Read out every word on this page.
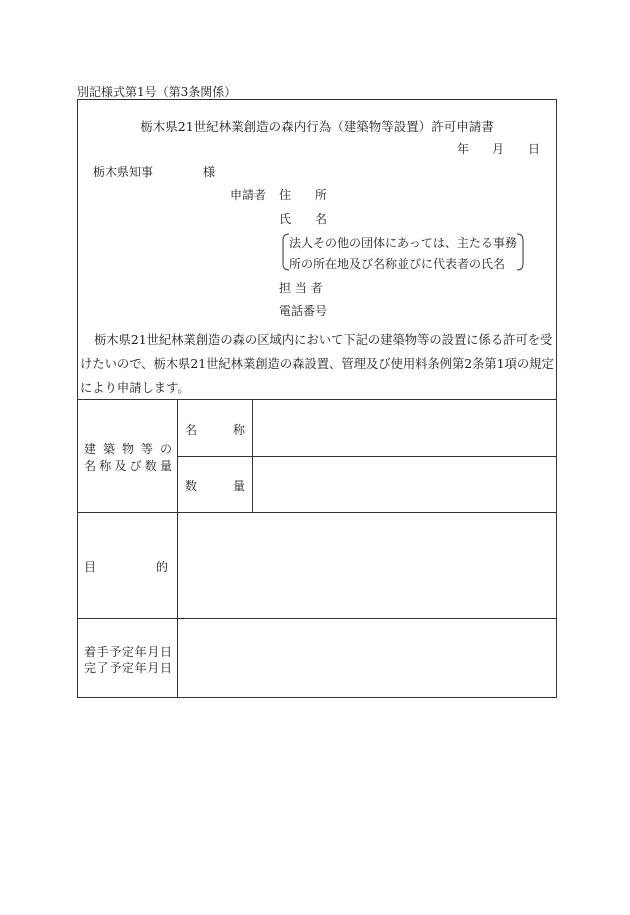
別記様式第1号（第3条関係）
栃木県21世紀林業創造の森内行為（建築物等設置）許可申請書
年 月 日
栃木県知事	様
申請者 住　　所
氏　　名
法人その他の団体にあっては、主たる事務
所の所在地及び名称並びに代表者の氏名
担 当 者
電話番号
栃木県21世紀林業創造の森の区域内において下記の建築物等の設置に係る許可を受けたいので、栃木県21世紀林業創造の森設置、管理及び使用料条例第2条第1項の規定により申請します。
建築物等の
名称及び数量
名　　　称
数　　　量
目　　　　　的
着手予定年月日
完了予定年月日
